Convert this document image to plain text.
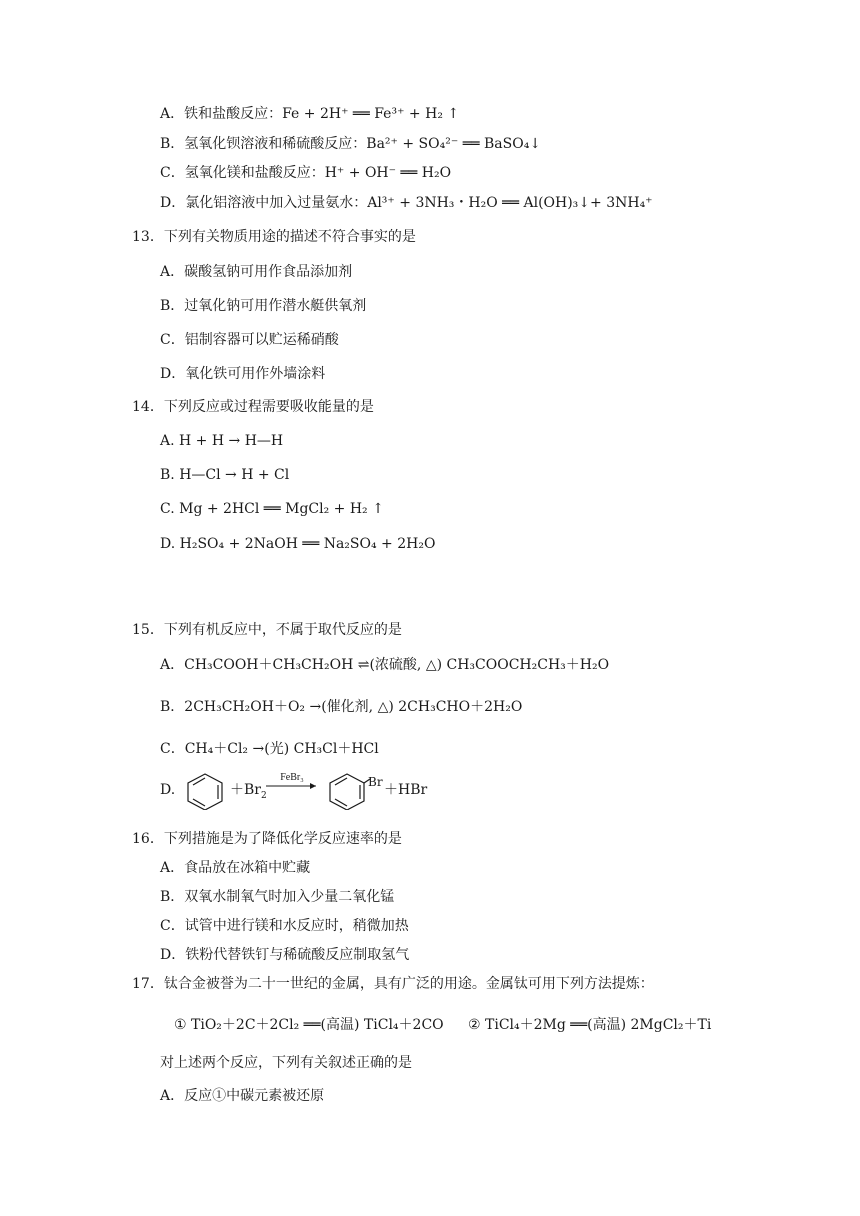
A．铁和盐酸反应：Fe + 2H⁺ ══ Fe³⁺ + H₂ ↑
B．氢氧化钡溶液和稀硫酸反应：Ba²⁺ + SO₄²⁻ ══ BaSO₄↓
C．氢氧化镁和盐酸反应：H⁺ + OH⁻ ══ H₂O
D．氯化铝溶液中加入过量氨水：Al³⁺ + 3NH₃・H₂O ══ Al(OH)₃↓+ 3NH₄⁺
13．下列有关物质用途的描述不符合事实的是
A．碳酸氢钠可用作食品添加剂
B．过氧化钠可用作潜水艇供氧剂
C．铝制容器可以贮运稀硝酸
D．氧化铁可用作外墙涂料
14．下列反应或过程需要吸收能量的是
A. H + H → H—H
B. H—Cl → H + Cl
C. Mg + 2HCl ══ MgCl₂ + H₂ ↑
D. H₂SO₄ + 2NaOH ══ Na₂SO₄ + 2H₂O
15．下列有机反应中，不属于取代反应的是
A．CH₃COOH＋CH₃CH₂OH ⇌(浓硫酸, △) CH₃COOCH₂CH₃＋H₂O
B．2CH₃CH₂OH＋O₂ →(催化剂, △) 2CH₃CHO＋2H₂O
C．CH₄＋Cl₂ →(光) CH₃Cl＋HCl
D.	$+Br_2$
FeBr₃	Br ＋HBr
16．下列措施是为了降低化学反应速率的是
A．食品放在冰箱中贮藏
B．双氧水制氧气时加入少量二氧化锰
C．试管中进行镁和水反应时，稍微加热
D．铁粉代替铁钉与稀硫酸反应制取氢气
17．钛合金被誉为二十一世纪的金属，具有广泛的用途。金属钛可用下列方法提炼：
① TiO₂＋2C＋2Cl₂ ══(高温) TiCl₄＋2CO ② TiCl₄＋2Mg ══(高温) 2MgCl₂＋Ti
对上述两个反应，下列有关叙述正确的是
A．反应①中碳元素被还原
